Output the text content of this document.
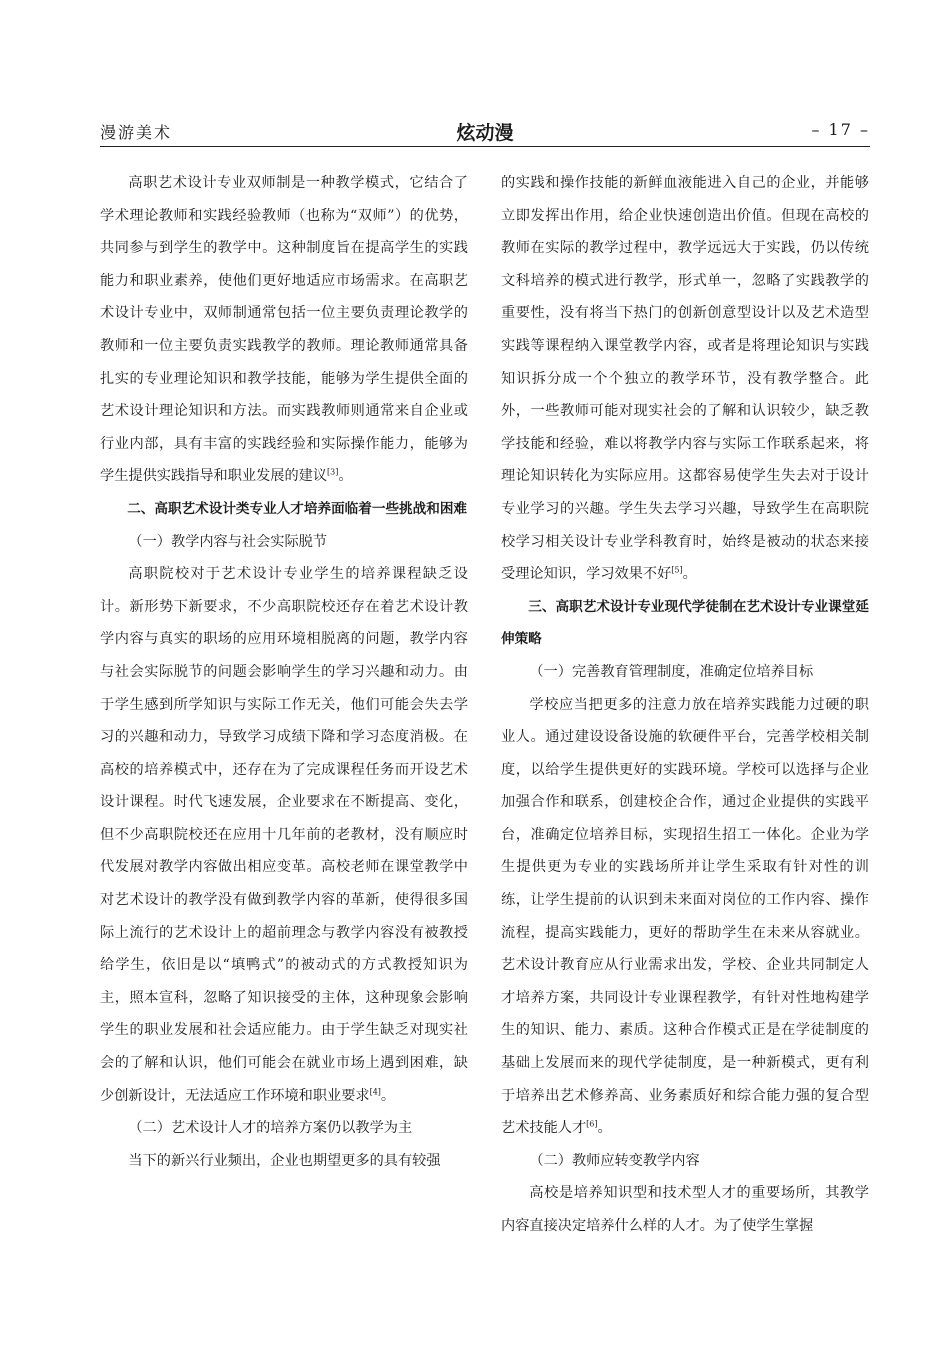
漫游美术	炫动漫	– 17 –

高职艺术设计专业双师制是一种教学模式，它结合了学术理论教师和实践经验教师（也称为“双师”）的优势，共同参与到学生的教学中。这种制度旨在提高学生的实践能力和职业素养，使他们更好地适应市场需求。在高职艺术设计专业中，双师制通常包括一位主要负责理论教学的教师和一位主要负责实践教学的教师。理论教师通常具备扎实的专业理论知识和教学技能，能够为学生提供全面的艺术设计理论知识和方法。而实践教师则通常来自企业或行业内部，具有丰富的实践经验和实际操作能力，能够为学生提供实践指导和职业发展的建议[3]。

二、高职艺术设计类专业人才培养面临着一些挑战和困难

（一）教学内容与社会实际脱节

高职院校对于艺术设计专业学生的培养课程缺乏设计。新形势下新要求，不少高职院校还存在着艺术设计教学内容与真实的职场的应用环境相脱离的问题，教学内容与社会实际脱节的问题会影响学生的学习兴趣和动力。由于学生感到所学知识与实际工作无关，他们可能会失去学习的兴趣和动力，导致学习成绩下降和学习态度消极。在高校的培养模式中，还存在为了完成课程任务而开设艺术设计课程。时代飞速发展，企业要求在不断提高、变化，但不少高职院校还在应用十几年前的老教材，没有顺应时代发展对教学内容做出相应变革。高校老师在课堂教学中对艺术设计的教学没有做到教学内容的革新，使得很多国际上流行的艺术设计上的超前理念与教学内容没有被教授给学生，依旧是以“填鸭式”的被动式的方式教授知识为主，照本宣科，忽略了知识接受的主体，这种现象会影响学生的职业发展和社会适应能力。由于学生缺乏对现实社会的了解和认识，他们可能会在就业市场上遇到困难，缺少创新设计，无法适应工作环境和职业要求[4]。

（二）艺术设计人才的培养方案仍以教学为主

当下的新兴行业频出，企业也期望更多的具有较强

的实践和操作技能的新鲜血液能进入自己的企业，并能够立即发挥出作用，给企业快速创造出价值。但现在高校的教师在实际的教学过程中，教学远远大于实践，仍以传统文科培养的模式进行教学，形式单一，忽略了实践教学的重要性，没有将当下热门的创新创意型设计以及艺术造型实践等课程纳入课堂教学内容，或者是将理论知识与实践知识拆分成一个个独立的教学环节，没有教学整合。此外，一些教师可能对现实社会的了解和认识较少，缺乏教学技能和经验，难以将教学内容与实际工作联系起来，将理论知识转化为实际应用。这都容易使学生失去对于设计专业学习的兴趣。学生失去学习兴趣，导致学生在高职院校学习相关设计专业学科教育时，始终是被动的状态来接受理论知识，学习效果不好[5]。

三、高职艺术设计专业现代学徒制在艺术设计专业课堂延伸策略

（一）完善教育管理制度，准确定位培养目标

学校应当把更多的注意力放在培养实践能力过硬的职业人。通过建设设备设施的软硬件平台，完善学校相关制度，以给学生提供更好的实践环境。学校可以选择与企业加强合作和联系，创建校企合作，通过企业提供的实践平台，准确定位培养目标，实现招生招工一体化。企业为学生提供更为专业的实践场所并让学生采取有针对性的训练，让学生提前的认识到未来面对岗位的工作内容、操作流程，提高实践能力，更好的帮助学生在未来从容就业。艺术设计教育应从行业需求出发，学校、企业共同制定人才培养方案，共同设计专业课程教学，有针对性地构建学生的知识、能力、素质。这种合作模式正是在学徒制度的基础上发展而来的现代学徒制度，是一种新模式，更有利于培养出艺术修养高、业务素质好和综合能力强的复合型艺术技能人才[6]。

（二）教师应转变教学内容

高校是培养知识型和技术型人才的重要场所，其教学内容直接决定培养什么样的人才。为了使学生掌握
